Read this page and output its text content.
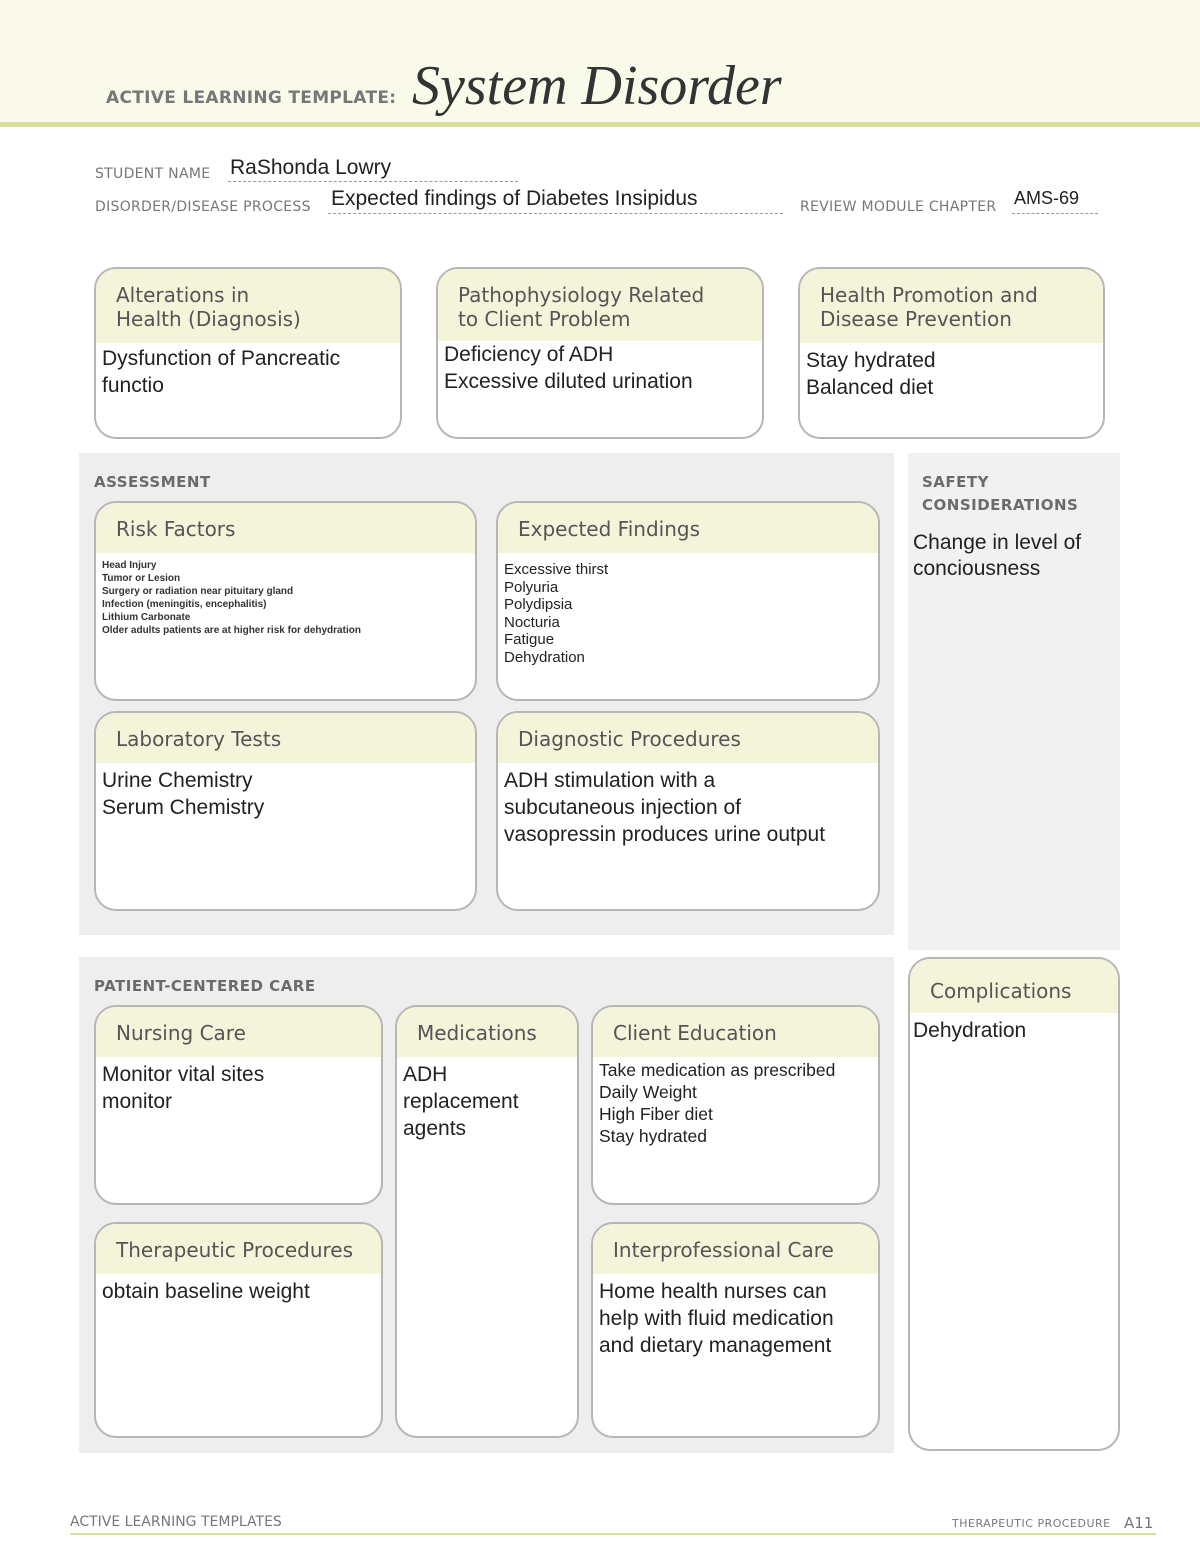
ACTIVE LEARNING TEMPLATE: System Disorder
STUDENT NAME RaShonda Lowry
DISORDER/DISEASE PROCESS Expected findings of Diabetes Insipidus	REVIEW MODULE CHAPTER AMS-69
Alterations in
Health (Diagnosis)
Dysfunction of Pancreatic
functio
Pathophysiology Related
to Client Problem
Deficiency of ADH
Excessive diluted urination
Health Promotion and
Disease Prevention
Stay hydrated
Balanced diet
ASSESSMENT
Risk Factors
Head Injury
Tumor or Lesion
Surgery or radiation near pituitary gland
Infection (meningitis, encephalitis)
Lithium Carbonate
Older adults patients are at higher risk for dehydration
Expected Findings
Excessive thirst
Polyuria
Polydipsia
Nocturia
Fatigue
Dehydration
Laboratory Tests
Urine Chemistry
Serum Chemistry
Diagnostic Procedures
ADH stimulation with a
subcutaneous injection of
vasopressin produces urine output
SAFETY
CONSIDERATIONS
Change in level of
conciousness
PATIENT-CENTERED CARE
Nursing Care
Monitor vital sites
monitor
Medications
ADH
replacement
agents
Client Education
Take medication as prescribed
Daily Weight
High Fiber diet
Stay hydrated
Therapeutic Procedures
obtain baseline weight
Interprofessional Care
Home health nurses can
help with fluid medication
and dietary management
Complications
Dehydration
ACTIVE LEARNING TEMPLATES	THERAPEUTIC PROCEDURE A11
